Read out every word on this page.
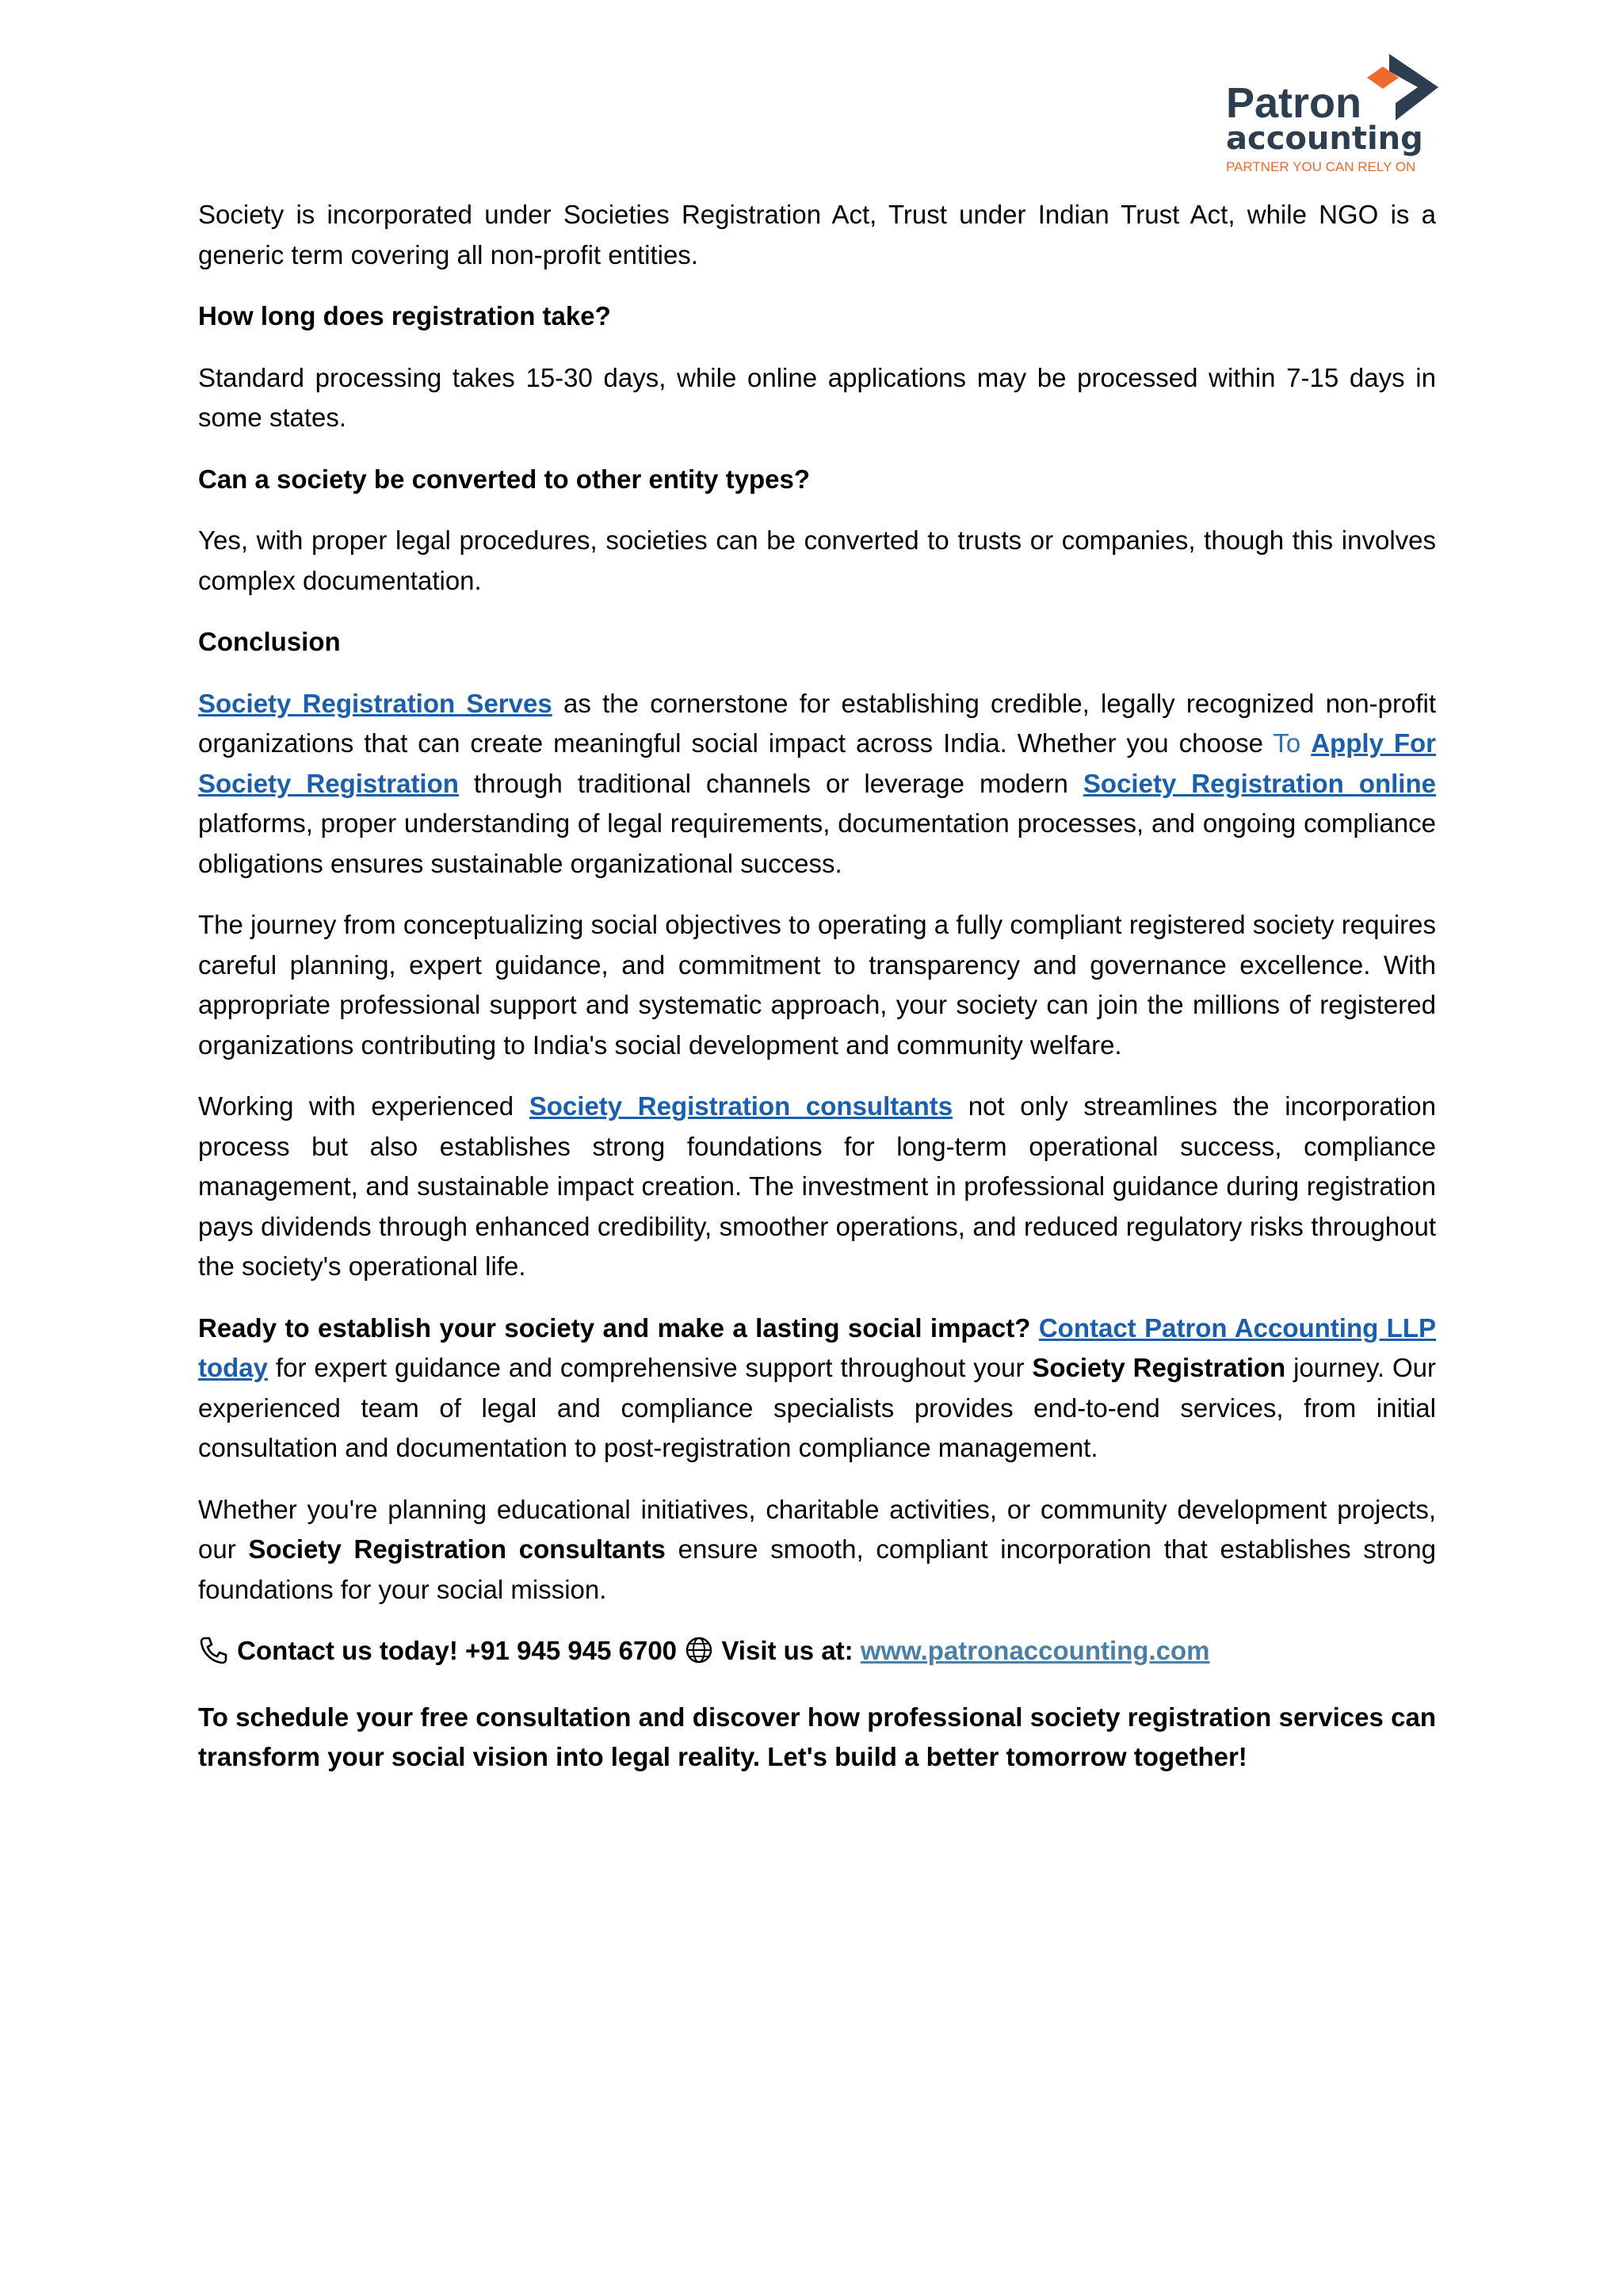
Patron
accounting
PARTNER YOU CAN RELY ON

Society is incorporated under Societies Registration Act, Trust under Indian Trust Act, while NGO is a generic term covering all non-profit entities.

How long does registration take?

Standard processing takes 15-30 days, while online applications may be processed within 7-15 days in some states.

Can a society be converted to other entity types?

Yes, with proper legal procedures, societies can be converted to trusts or companies, though this involves complex documentation.

Conclusion

Society Registration Serves as the cornerstone for establishing credible, legally recognized non-profit organizations that can create meaningful social impact across India. Whether you choose To Apply For Society Registration through traditional channels or leverage modern Society Registration online platforms, proper understanding of legal requirements, documentation processes, and ongoing compliance obligations ensures sustainable organizational success.

The journey from conceptualizing social objectives to operating a fully compliant registered society requires careful planning, expert guidance, and commitment to transparency and governance excellence. With appropriate professional support and systematic approach, your society can join the millions of registered organizations contributing to India's social development and community welfare.

Working with experienced Society Registration consultants not only streamlines the incorporation process but also establishes strong foundations for long-term operational success, compliance management, and sustainable impact creation. The investment in professional guidance during registration pays dividends through enhanced credibility, smoother operations, and reduced regulatory risks throughout the society's operational life.

Ready to establish your society and make a lasting social impact? Contact Patron Accounting LLP today for expert guidance and comprehensive support throughout your Society Registration journey. Our experienced team of legal and compliance specialists provides end-to-end services, from initial consultation and documentation to post-registration compliance management.

Whether you're planning educational initiatives, charitable activities, or community development projects, our Society Registration consultants ensure smooth, compliant incorporation that establishes strong foundations for your social mission.

Contact us today! +91 945 945 6700 Visit us at: www.patronaccounting.com

To schedule your free consultation and discover how professional society registration services can transform your social vision into legal reality. Let's build a better tomorrow together!
